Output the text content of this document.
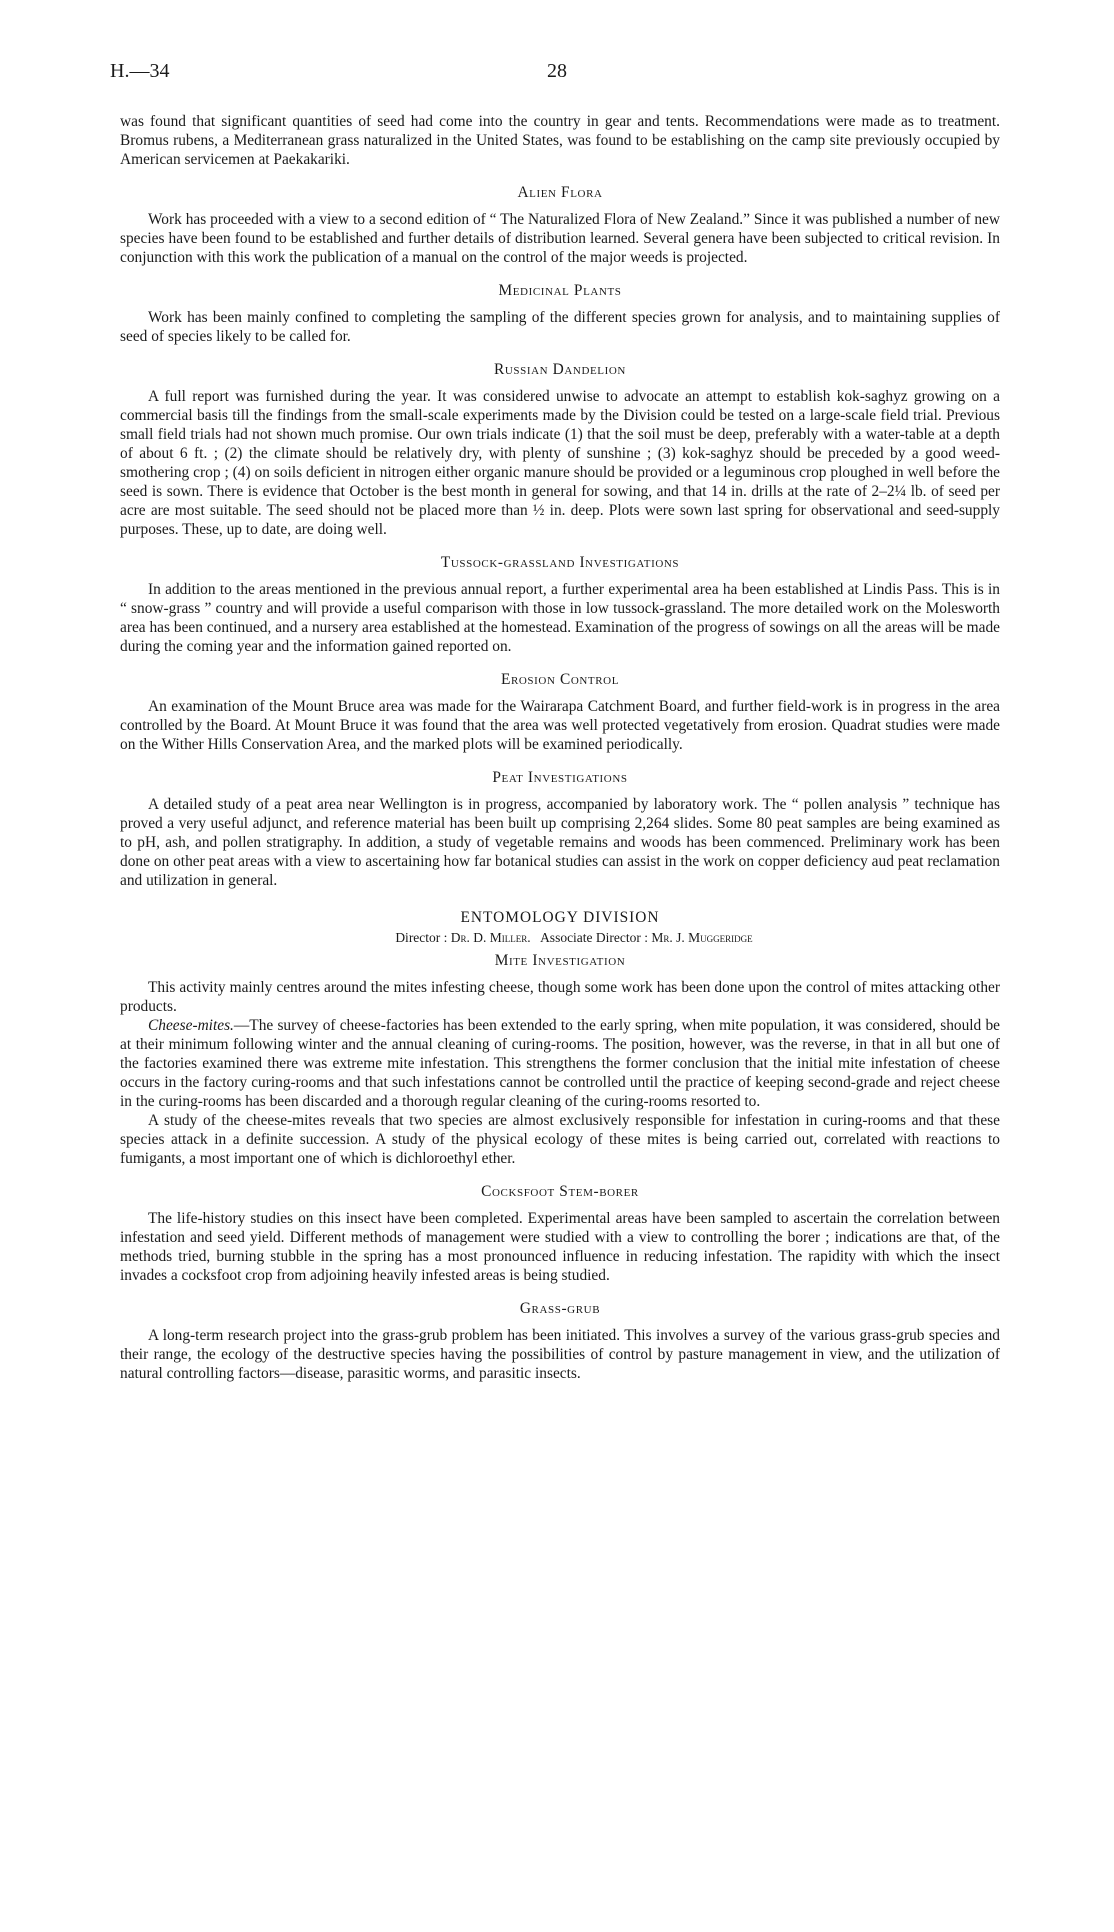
H.—34	28

was found that significant quantities of seed had come into the country in gear and tents. Recommendations were made as to treatment. Bromus rubens, a Mediterranean grass naturalized in the United States, was found to be establishing on the camp site previously occupied by American servicemen at Paekakariki.

Alien Flora

Work has proceeded with a view to a second edition of “ The Naturalized Flora of New Zealand.” Since it was published a number of new species have been found to be established and further details of distribution learned. Several genera have been subjected to critical revision. In conjunction with this work the publication of a manual on the control of the major weeds is projected.

Medicinal Plants

Work has been mainly confined to completing the sampling of the different species grown for analysis, and to maintaining supplies of seed of species likely to be called for.

Russian Dandelion

A full report was furnished during the year. It was considered unwise to advocate an attempt to establish kok-saghyz growing on a commercial basis till the findings from the small-scale experiments made by the Division could be tested on a large-scale field trial. Previous small field trials had not shown much promise. Our own trials indicate (1) that the soil must be deep, preferably with a water-table at a depth of about 6 ft. ; (2) the climate should be relatively dry, with plenty of sunshine ; (3) kok-saghyz should be preceded by a good weed-smothering crop ; (4) on soils deficient in nitrogen either organic manure should be provided or a leguminous crop ploughed in well before the seed is sown. There is evidence that October is the best month in general for sowing, and that 14 in. drills at the rate of 2–2¼ lb. of seed per acre are most suitable. The seed should not be placed more than ½ in. deep. Plots were sown last spring for observational and seed-supply purposes. These, up to date, are doing well.

Tussock-grassland Investigations

In addition to the areas mentioned in the previous annual report, a further experimental area ha been established at Lindis Pass. This is in “ snow-grass ” country and will provide a useful comparison with those in low tussock-grassland. The more detailed work on the Molesworth area has been continued, and a nursery area established at the homestead. Examination of the progress of sowings on all the areas will be made during the coming year and the information gained reported on.

Erosion Control

An examination of the Mount Bruce area was made for the Wairarapa Catchment Board, and further field-work is in progress in the area controlled by the Board. At Mount Bruce it was found that the area was well protected vegetatively from erosion. Quadrat studies were made on the Wither Hills Conservation Area, and the marked plots will be examined periodically.

Peat Investigations

A detailed study of a peat area near Wellington is in progress, accompanied by laboratory work. The “ pollen analysis ” technique has proved a very useful adjunct, and reference material has been built up comprising 2,264 slides. Some 80 peat samples are being examined as to pH, ash, and pollen stratigraphy. In addition, a study of vegetable remains and woods has been commenced. Preliminary work has been done on other peat areas with a view to ascertaining how far botanical studies can assist in the work on copper deficiency aud peat reclamation and utilization in general.

ENTOMOLOGY DIVISION

Director : Dr. D. Miller. Associate Director : Mr. J. Muggeridge

Mite Investigation

This activity mainly centres around the mites infesting cheese, though some work has been done upon the control of mites attacking other products.

Cheese-mites.—The survey of cheese-factories has been extended to the early spring, when mite population, it was considered, should be at their minimum following winter and the annual cleaning of curing-rooms. The position, however, was the reverse, in that in all but one of the factories examined there was extreme mite infestation. This strengthens the former conclusion that the initial mite infestation of cheese occurs in the factory curing-rooms and that such infestations cannot be controlled until the practice of keeping second-grade and reject cheese in the curing-rooms has been discarded and a thorough regular cleaning of the curing-rooms resorted to.

A study of the cheese-mites reveals that two species are almost exclusively responsible for infestation in curing-rooms and that these species attack in a definite succession. A study of the physical ecology of these mites is being carried out, correlated with reactions to fumigants, a most important one of which is dichloroethyl ether.

Cocksfoot Stem-borer

The life-history studies on this insect have been completed. Experimental areas have been sampled to ascertain the correlation between infestation and seed yield. Different methods of management were studied with a view to controlling the borer ; indications are that, of the methods tried, burning stubble in the spring has a most pronounced influence in reducing infestation. The rapidity with which the insect invades a cocksfoot crop from adjoining heavily infested areas is being studied.

Grass-grub

A long-term research project into the grass-grub problem has been initiated. This involves a survey of the various grass-grub species and their range, the ecology of the destructive species having the possibilities of control by pasture management in view, and the utilization of natural controlling factors—disease, parasitic worms, and parasitic insects.
